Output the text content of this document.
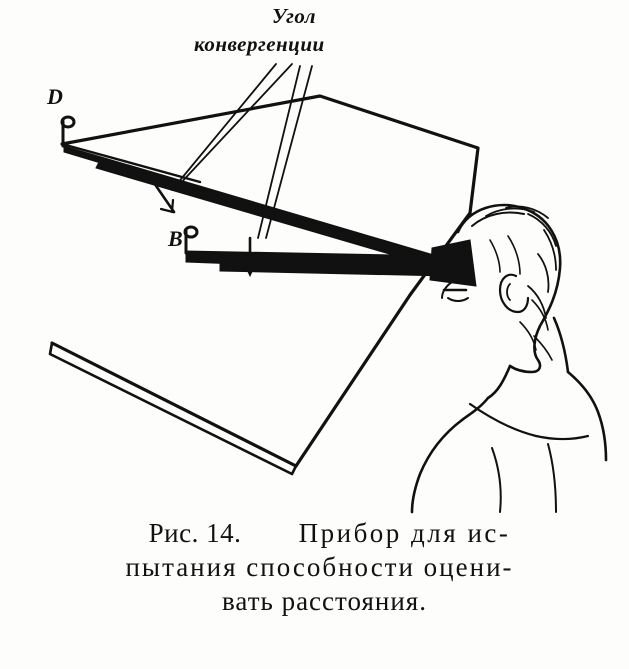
Угол
конвергенции
D
B
Рис. 14. Прибор для ис-
пытания способности оцени-
вать расстояния.
